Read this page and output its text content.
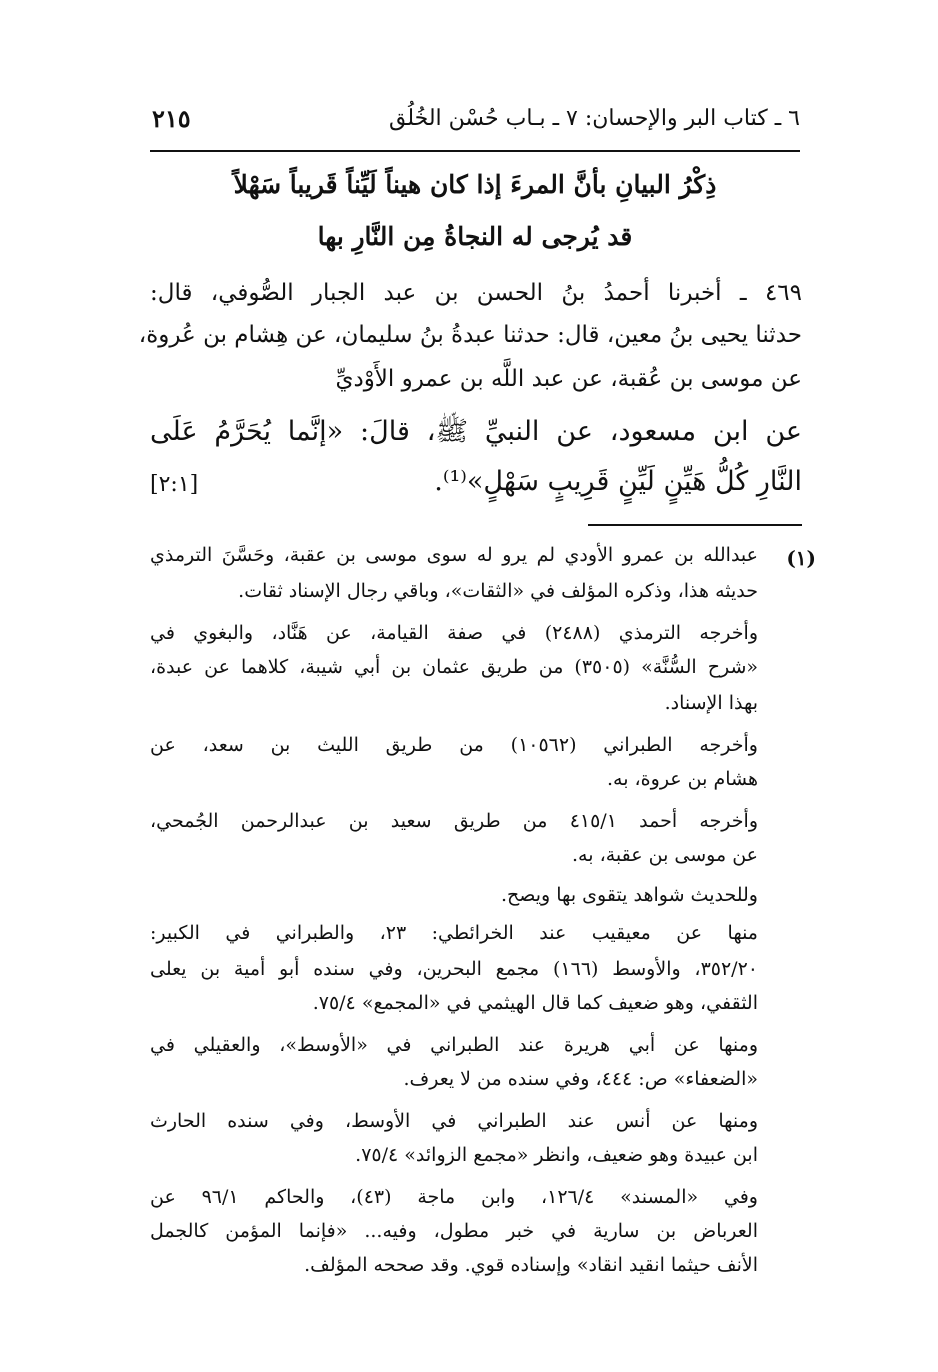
٦ ـ كتاب البر والإحسان: ٧ ـ بـاب حُسْن الخُلُق
٢١٥
ذِكْرُ البيانِ بأنَّ المرءَ إذا كان هيناً لَيِّناً قَريباً سَهْلاً
قد يُرجى له النجاةُ مِن النَّارِ بها
٤٦٩ ـ أخبرنا أحمدُ بنُ الحسن بن عبد الجبار الصُّوفي، قال:
حدثنا يحيى بنُ معين، قال: حدثنا عبدةُ بنُ سليمان، عن هِشام بن عُروة،
عن موسى بن عُقبة، عن عبد اللَّه بن عمرو الأَوْديِّ
عن ابن مسعود، عن النبيِّ ﷺ، قالَ: «إنَّما يُحَرَّمُ عَلَى
النَّارِ كُلُّ هَيِّنٍ لَيِّنٍ قَرِيبٍ سَهْلٍ»⁽¹⁾.
[٢:١]
(١)
عبدالله بن عمرو الأودي لم يرو له سوى موسى بن عقبة، وحَسَّنَ الترمذي
حديثه هذا، وذكره المؤلف في «الثقات»، وباقي رجال الإسناد ثقات.
وأخرجه الترمذي (٢٤٨٨) في صفة القيامة، عن هَنَّاد، والبغوي في
«شرح السُّنَّة» (٣٥٠٥) من طريق عثمان بن أبي شيبة، كلاهما عن عبدة،
بهذا الإسناد.
وأخرجه الطبراني (١٠٥٦٢) من طريق الليث بن سعد، عن
هشام بن عروة، به.
وأخرجه أحمد ٤١٥/١ من طريق سعيد بن عبدالرحمن الجُمحي،
عن موسى بن عقبة، به.
وللحديث شواهد يتقوى بها ويصح.
منها عن معيقيب عند الخرائطي: ٢٣، والطبراني في الكبير:
٣٥٢/٢٠، والأوسط (١٦٦) مجمع البحرين، وفي سنده أبو أمية بن يعلى
الثقفي، وهو ضعيف كما قال الهيثمي في «المجمع» ٧٥/٤.
ومنها عن أبي هريرة عند الطبراني في «الأوسط»، والعقيلي في
«الضعفاء» ص: ٤٤٤، وفي سنده من لا يعرف.
ومنها عن أنس عند الطبراني في الأوسط، وفي سنده الحارث
ابن عبيدة وهو ضعيف، وانظر «مجمع الزوائد» ٧٥/٤.
وفي «المسند» ١٢٦/٤، وابن ماجة (٤٣)، والحاكم ٩٦/١ عن
العرباض بن سارية في خبر مطول، وفيه... «فإنما المؤمن كالجمل
الأنف حيثما انقيد انقاد» وإسناده قوي. وقد صححه المؤلف.
